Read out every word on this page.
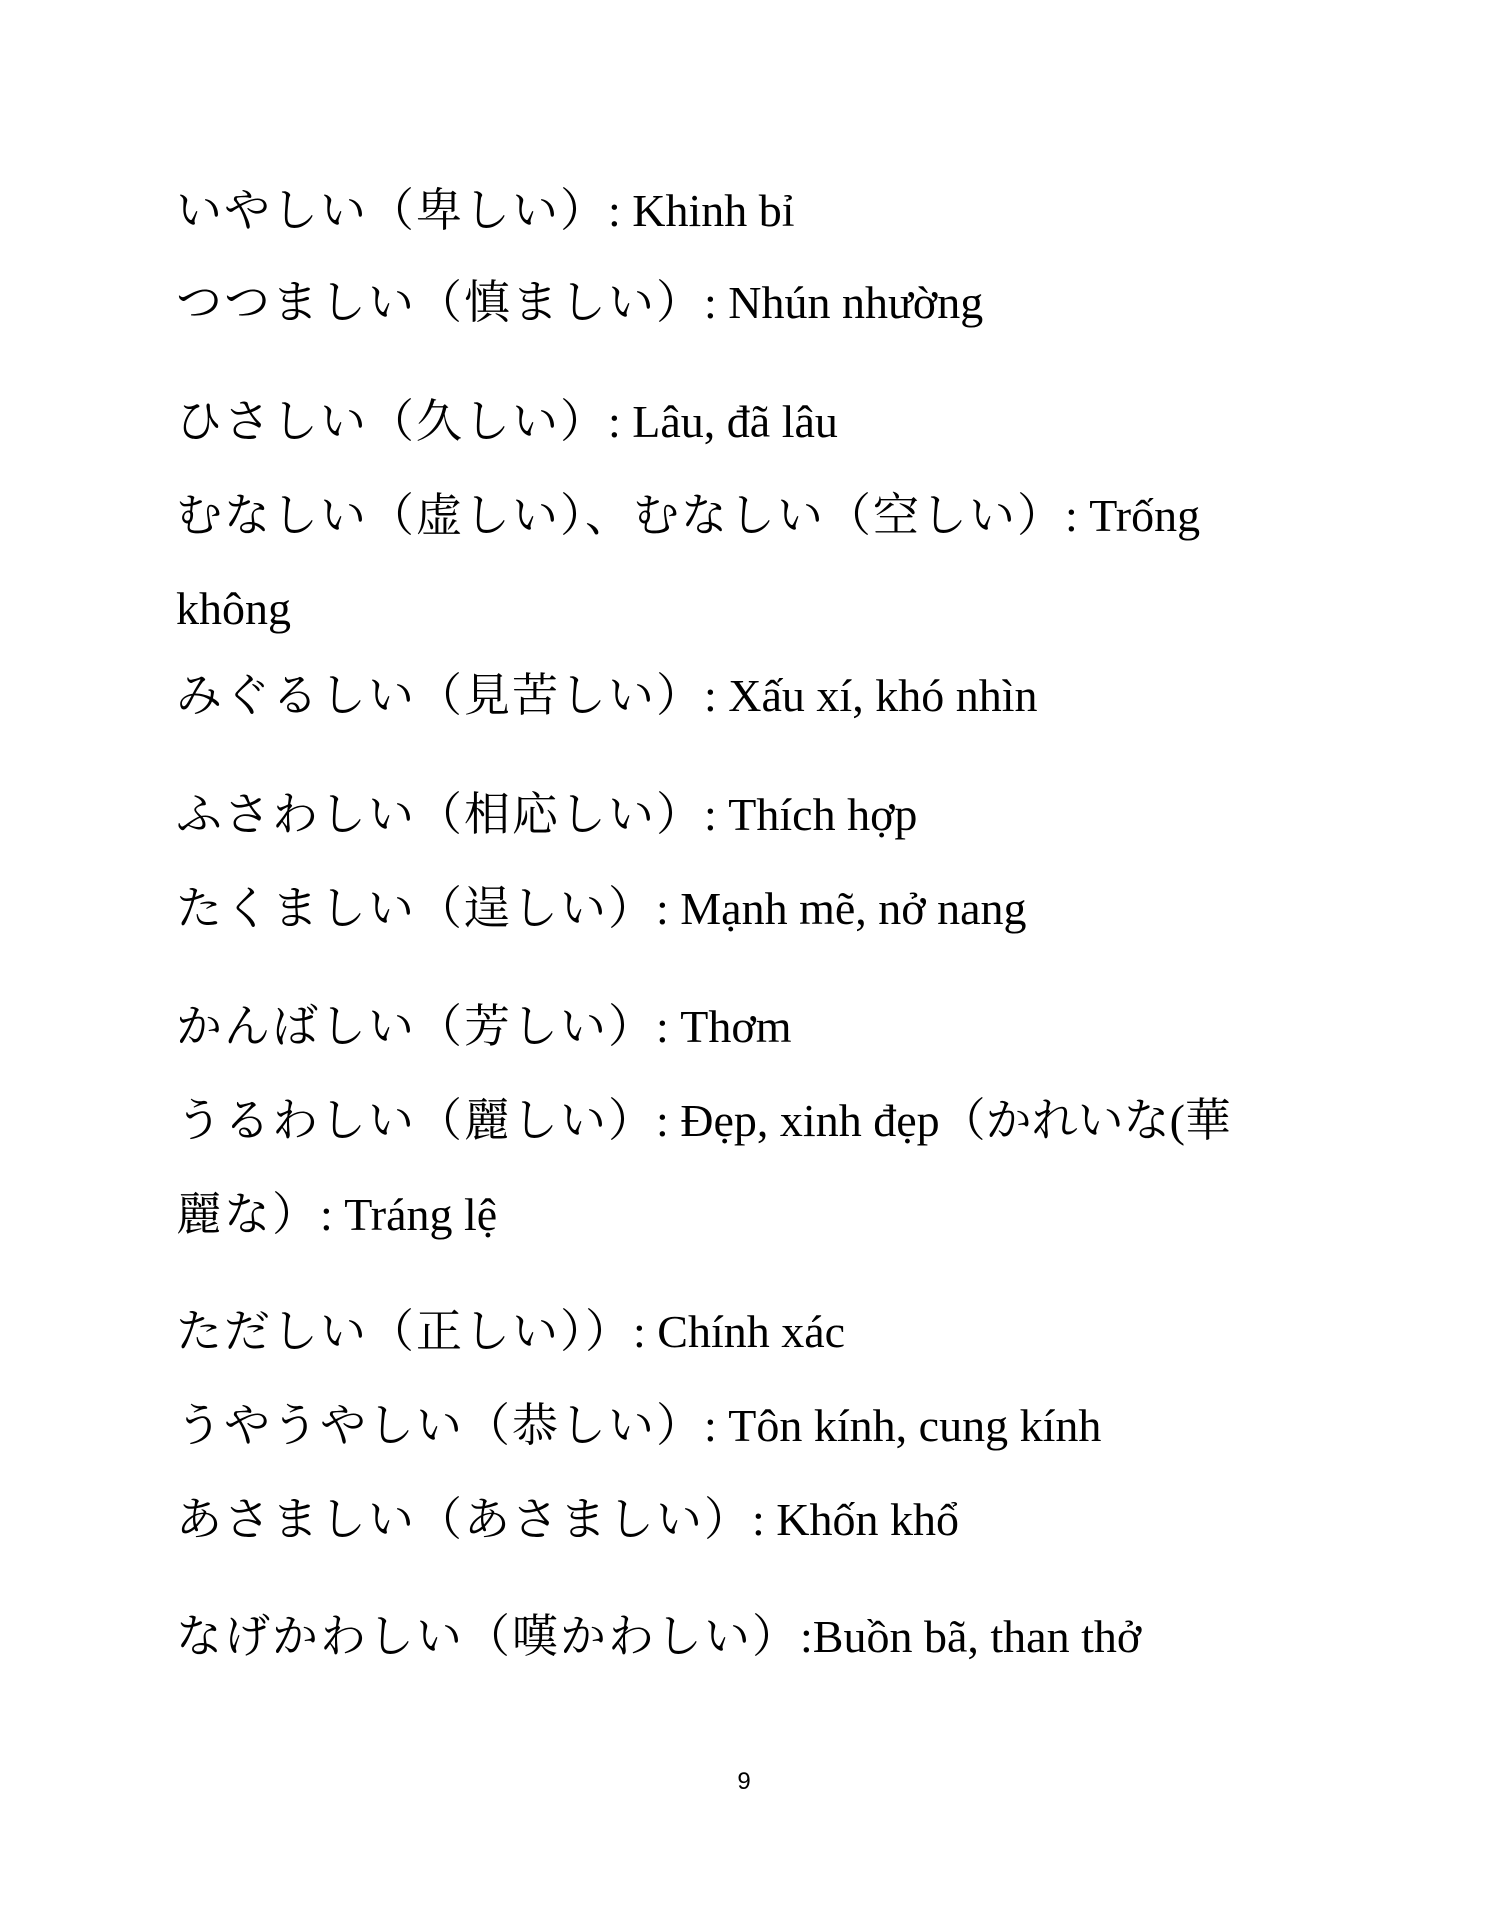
いやしい（卑しい）: Khinh bỉ
つつましい（慎ましい）: Nhún nhường
ひさしい（久しい）: Lâu, đã lâu
むなしい（虚しい）、むなしい（空しい）: Trống
không
みぐるしい（見苦しい）: Xấu xí, khó nhìn
ふさわしい（相応しい）: Thích hợp
たくましい（逞しい）: Mạnh mẽ, nở nang
かんばしい（芳しい）: Thơm
うるわしい（麗しい）: Đẹp, xinh đẹp（かれいな(華
麗な）: Tráng lệ
ただしい（正しい））: Chính xác
うやうやしい（恭しい）: Tôn kính, cung kính
あさましい（あさましい）: Khốn khổ
なげかわしい（嘆かわしい）:Buồn bã, than thở
9
